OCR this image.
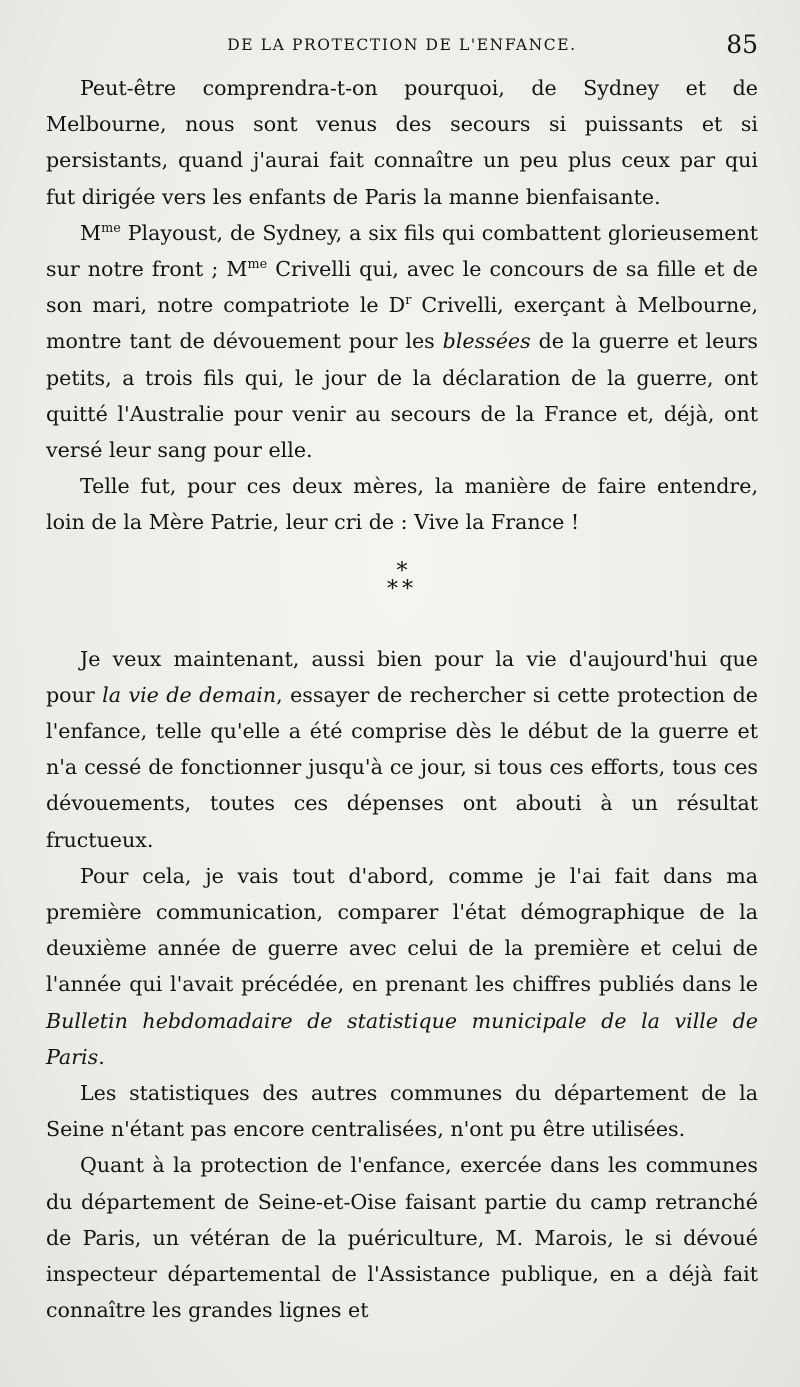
DE LA PROTECTION DE L'ENFANCE.	85

Peut-être comprendra-t-on pourquoi, de Sydney et de Melbourne, nous sont venus des secours si puissants et si persistants, quand j'aurai fait connaître un peu plus ceux par qui fut dirigée vers les enfants de Paris la manne bienfaisante.

$M^{me}$ Playoust, de Sydney, a six fils qui combattent glorieusement sur notre front ; $M^{me}$ Crivelli qui, avec le concours de sa fille et de son mari, notre compatriote le $D^r$ Crivelli, exerçant à Melbourne, montre tant de dévouement pour les blessées de la guerre et leurs petits, a trois fils qui, le jour de la déclaration de la guerre, ont quitté l'Australie pour venir au secours de la France et, déjà, ont versé leur sang pour elle.

Telle fut, pour ces deux mères, la manière de faire entendre, loin de la Mère Patrie, leur cri de : Vive la France !

*
**

Je veux maintenant, aussi bien pour la vie d'aujourd'hui que pour la vie de demain, essayer de rechercher si cette protection de l'enfance, telle qu'elle a été comprise dès le début de la guerre et n'a cessé de fonctionner jusqu'à ce jour, si tous ces efforts, tous ces dévouements, toutes ces dépenses ont abouti à un résultat fructueux.

Pour cela, je vais tout d'abord, comme je l'ai fait dans ma première communication, comparer l'état démographique de la deuxième année de guerre avec celui de la première et celui de l'année qui l'avait précédée, en prenant les chiffres publiés dans le Bulletin hebdomadaire de statistique municipale de la ville de Paris.

Les statistiques des autres communes du département de la Seine n'étant pas encore centralisées, n'ont pu être utilisées.

Quant à la protection de l'enfance, exercée dans les communes du département de Seine-et-Oise faisant partie du camp retranché de Paris, un vétéran de la puériculture, M. Marois, le si dévoué inspecteur départemental de l'Assistance publique, en a déjà fait connaître les grandes lignes et
